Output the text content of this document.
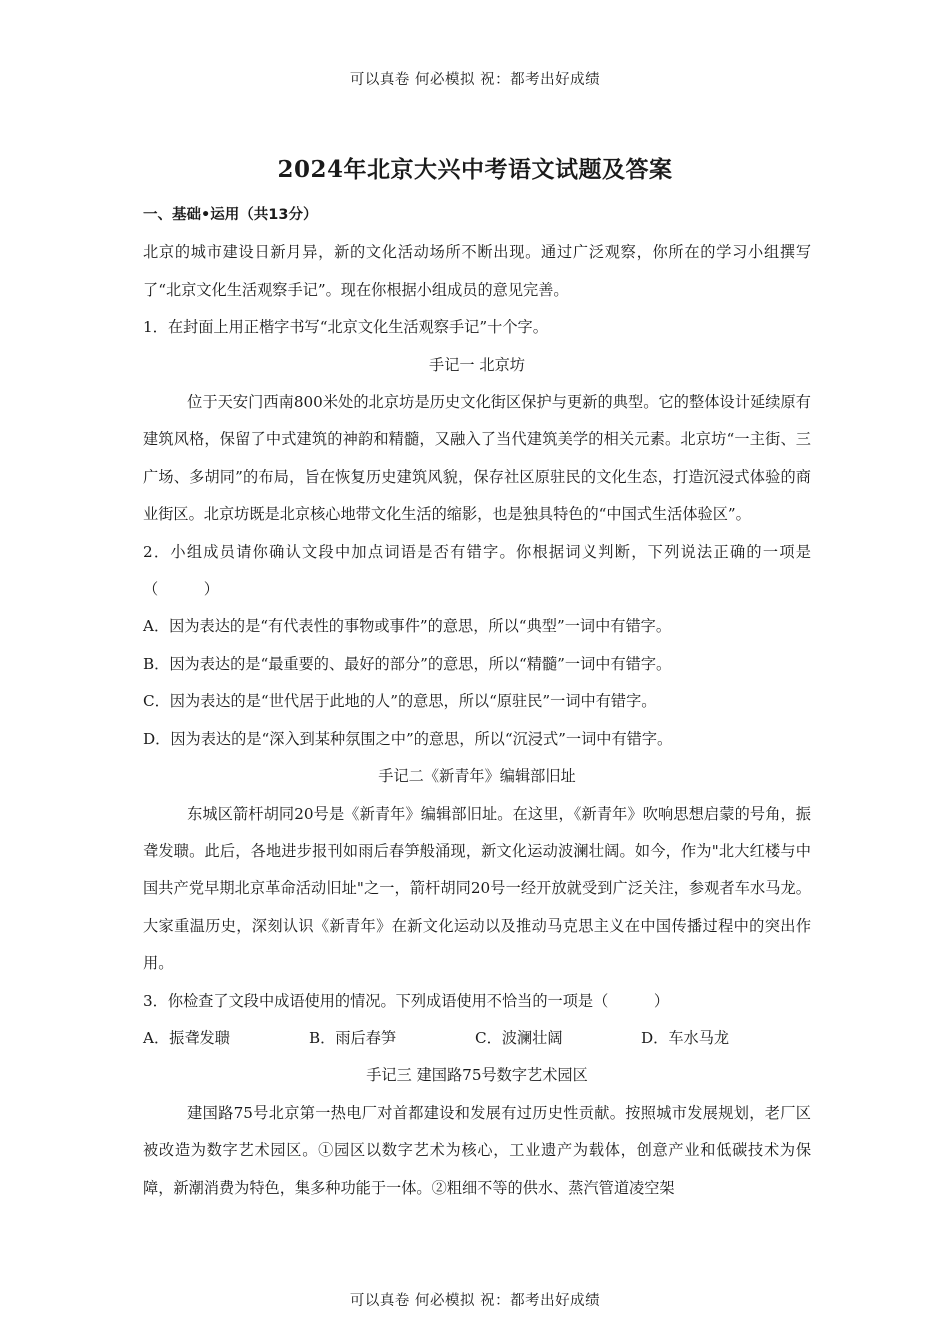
可以真卷 何必模拟 祝：都考出好成绩
2024年北京大兴中考语文试题及答案

一、基础•运用（共13分）

北京的城市建设日新月异，新的文化活动场所不断出现。通过广泛观察，你所在的学习小组撰写了“北京文化生活观察手记”。现在你根据小组成员的意见完善。

1．在封面上用正楷字书写“北京文化生活观察手记”十个字。

手记一 北京坊

位于天安门西南800米处的北京坊是历史文化街区保护与更新的典型。它的整体设计延续原有建筑风格，保留了中式建筑的神韵和精髓，又融入了当代建筑美学的相关元素。北京坊“一主街、三广场、多胡同”的布局，旨在恢复历史建筑风貌，保存社区原驻民的文化生态，打造沉浸式体验的商业街区。北京坊既是北京核心地带文化生活的缩影，也是独具特色的“中国式生活体验区”。

2．小组成员请你确认文段中加点词语是否有错字。你根据词义判断，下列说法正确的一项是（　　　）

A．因为表达的是“有代表性的事物或事件”的意思，所以“典型”一词中有错字。

B．因为表达的是“最重要的、最好的部分”的意思，所以“精髓”一词中有错字。

C．因为表达的是“世代居于此地的人”的意思，所以“原驻民”一词中有错字。

D．因为表达的是“深入到某种氛围之中”的意思，所以“沉浸式”一词中有错字。

手记二《新青年》编辑部旧址

东城区箭杆胡同20号是《新青年》编辑部旧址。在这里，《新青年》吹响思想启蒙的号角，振聋发聩。此后，各地进步报刊如雨后春笋般涌现，新文化运动波澜壮阔。如今，作为"北大红楼与中国共产党早期北京革命活动旧址"之一，箭杆胡同20号一经开放就受到广泛关注，参观者车水马龙。大家重温历史，深刻认识《新青年》在新文化运动以及推动马克思主义在中国传播过程中的突出作用。

3．你检查了文段中成语使用的情况。下列成语使用不恰当的一项是（　　　）

A．振聋发聩	B．雨后春笋	C．波澜壮阔	D．车水马龙

手记三 建国路75号数字艺术园区

建国路75号北京第一热电厂对首都建设和发展有过历史性贡献。按照城市发展规划，老厂区被改造为数字艺术园区。①园区以数字艺术为核心，工业遗产为载体，创意产业和低碳技术为保障，新潮消费为特色，集多种功能于一体。②粗细不等的供水、蒸汽管道凌空架

可以真卷 何必模拟 祝：都考出好成绩
